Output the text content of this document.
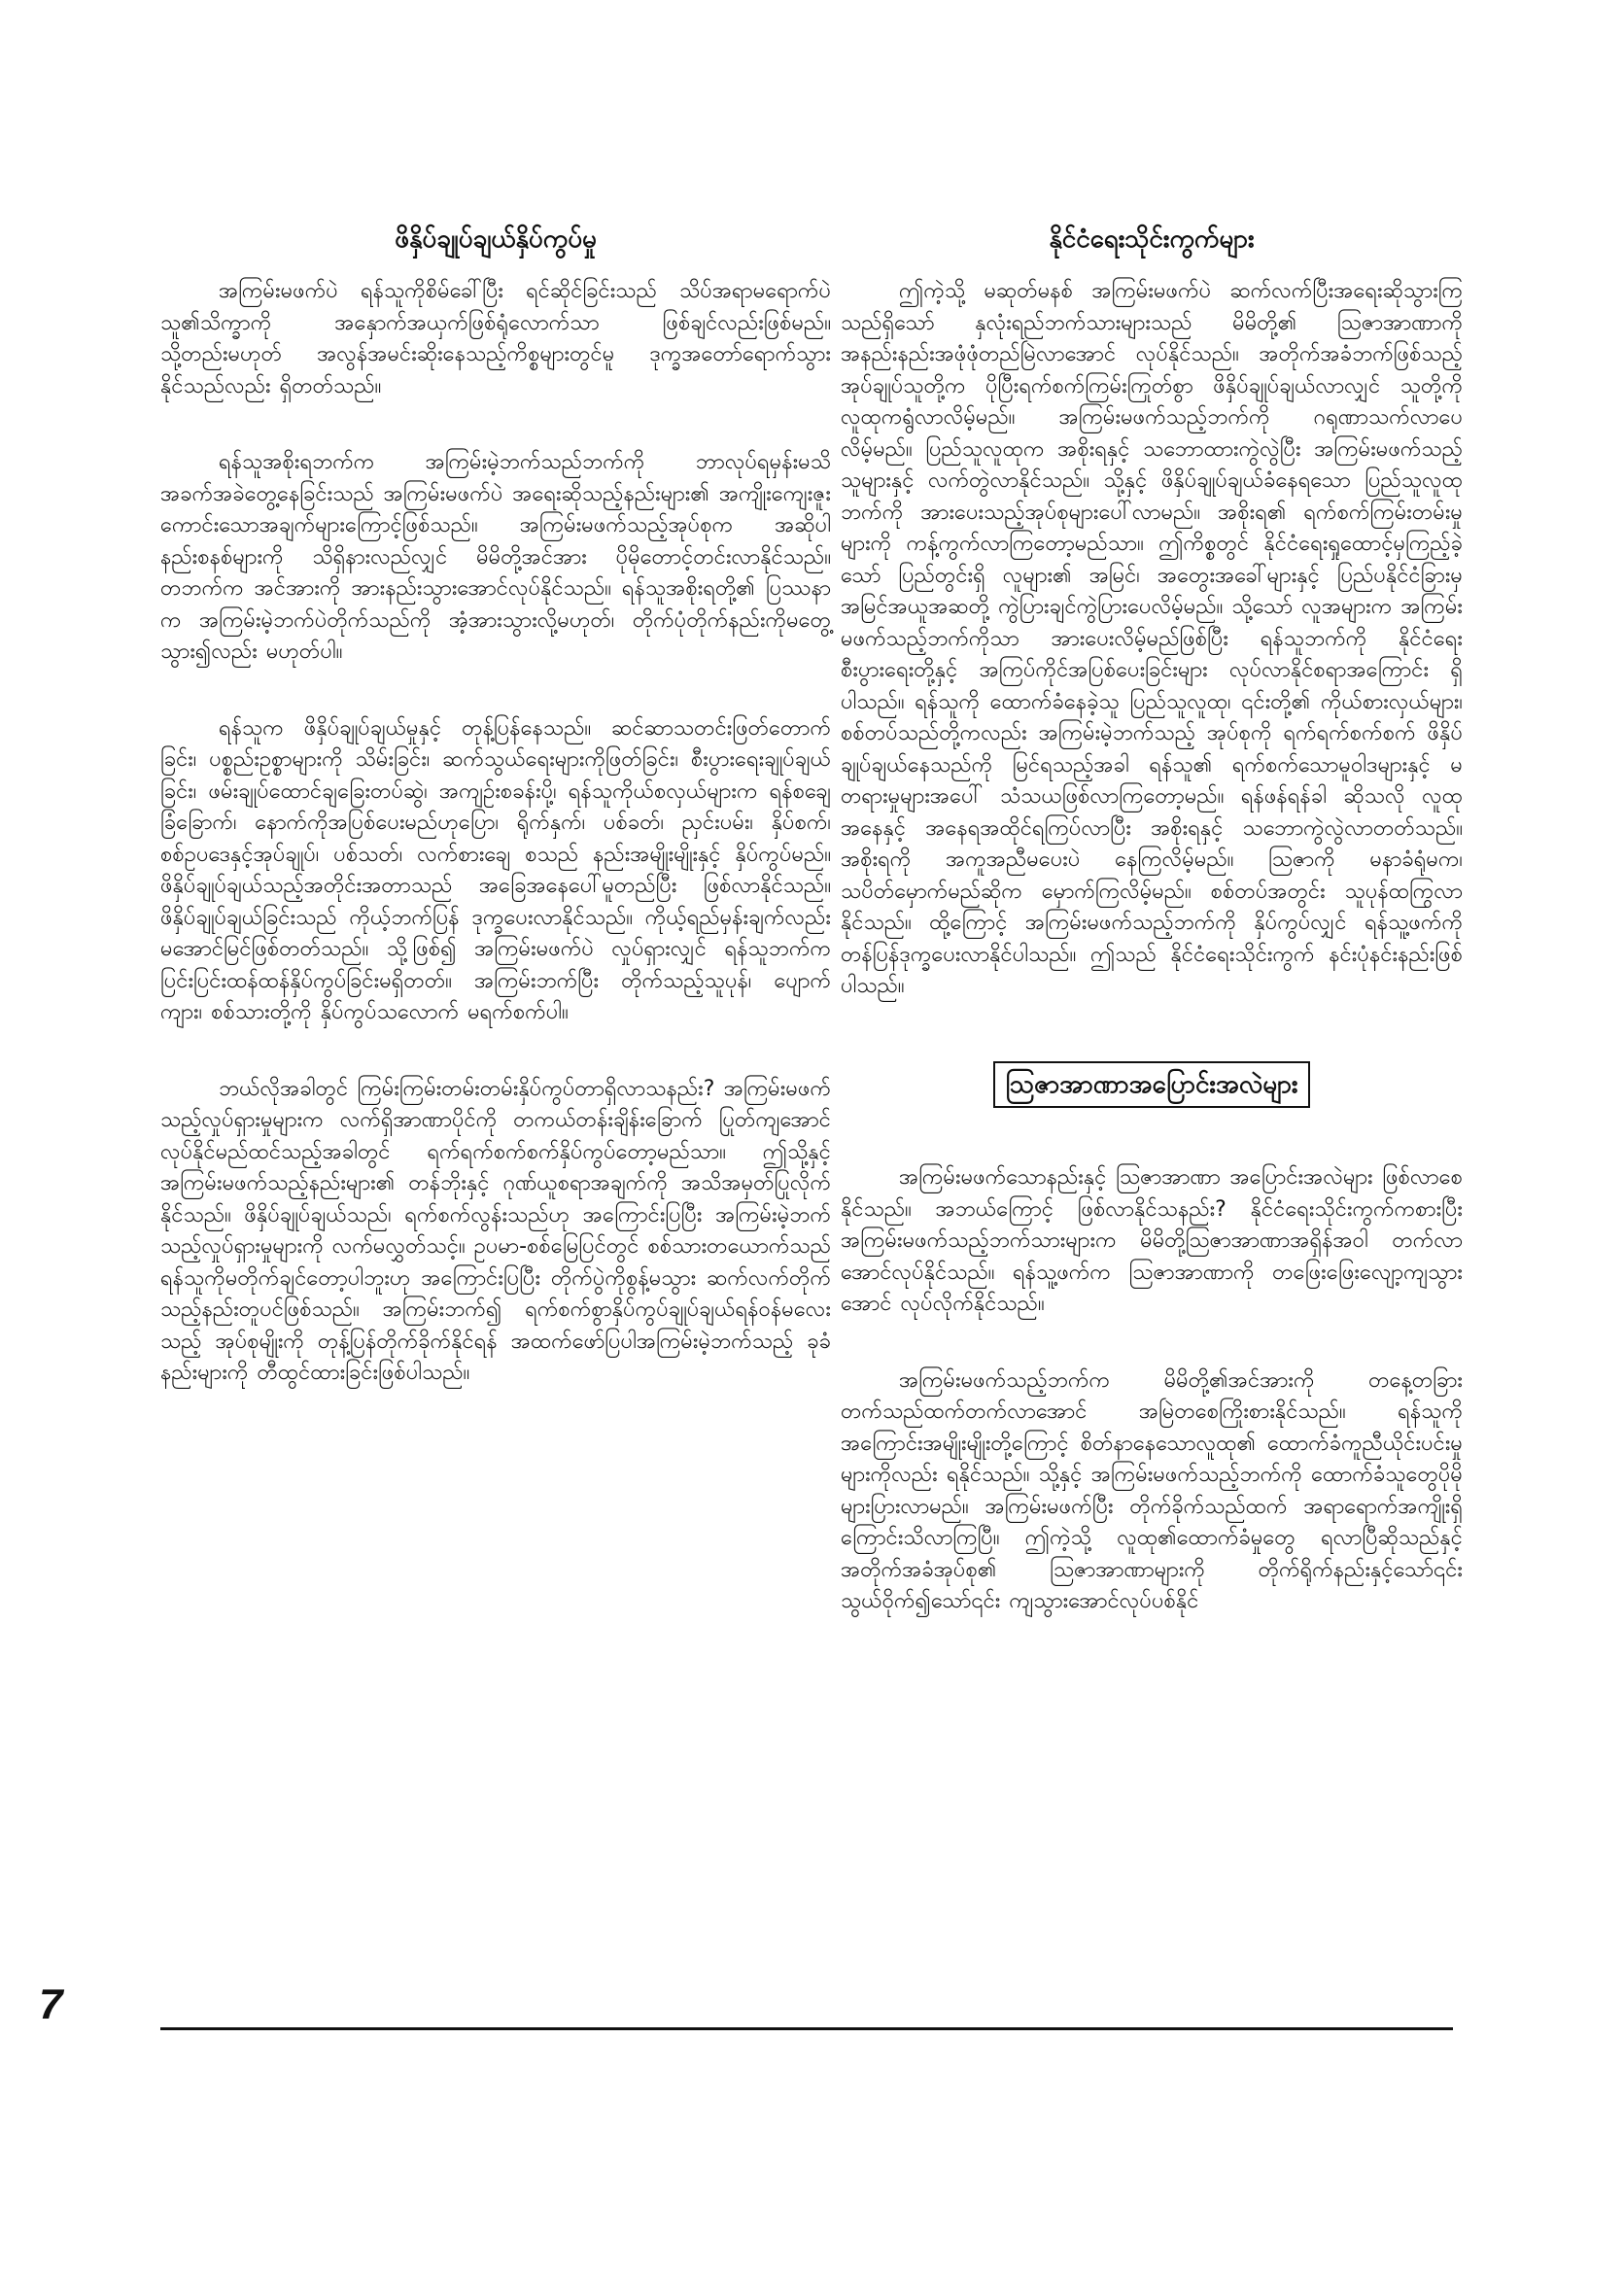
ဖိနှိပ်ချုပ်ချယ်နှိပ်ကွပ်မှု

အကြမ်းမဖက်ပဲ ရန်သူကိုစိမ်ခေါ်ပြီး ရင်ဆိုင်ခြင်းသည် သိပ်အရာမရောက်ပဲ သူ၏သိက္ခာကို အနှောက်အယှက်ဖြစ်ရုံလောက်သာ ဖြစ်ချင်လည်းဖြစ်မည်။ သို့တည်းမဟုတ် အလွန်အမင်းဆိုးနေသည့်ကိစ္စများတွင်မူ ဒုက္ခအတော်ရောက်သွားနိုင်သည်လည်း ရှိတတ်သည်။

ရန်သူအစိုးရဘက်က အကြမ်းမဲ့ဘက်သည်ဘက်ကို ဘာလုပ်ရမှန်းမသိ အခက်အခဲတွေ့နေခြင်းသည် အကြမ်းမဖက်ပဲ အရေးဆိုသည့်နည်းများ၏ အကျိုးကျေးဇူးကောင်းသောအချက်များကြောင့်ဖြစ်သည်။ အကြမ်းမဖက်သည့်အုပ်စုက အဆိုပါနည်းစနစ်များကို သိရှိနားလည်လျှင် မိမိတို့အင်အား ပိုမိုတောင့်တင်းလာနိုင်သည်။ တဘက်က အင်အားကို အားနည်းသွားအောင်လုပ်နိုင်သည်။ ရန်သူအစိုးရတို့၏ ပြဿနာက အကြမ်းမဲ့ဘက်ပဲတိုက်သည်ကို အံ့အားသွားလို့မဟုတ်၊ တိုက်ပုံတိုက်နည်းကိုမတွေ့သွား၍လည်း မဟုတ်ပါ။

ရန်သူက ဖိနှိပ်ချုပ်ချယ်မှုနှင့် တုန့်ပြန်နေသည်။ ဆင်ဆာသတင်းဖြတ်တောက်ခြင်း၊ ပစ္စည်းဥစ္စာများကို သိမ်းခြင်း၊ ဆက်သွယ်ရေးများကိုဖြတ်ခြင်း၊ စီးပွားရေးချုပ်ချယ်ခြင်း၊ ဖမ်းချုပ်ထောင်ချခြေးတပ်ဆွဲ၊ အကျဉ်းစခန်းပို့၊ ရန်သူကိုယ်စလှယ်များက ရန်စချေခြံခြောက်၊ နောက်ကိုအပြစ်ပေးမည်ဟုပြော၊ ရိုက်နှက်၊ ပစ်ခတ်၊ ညှင်းပမ်း၊ နှိပ်စက်၊ စစ်ဥပဒေနှင့်အုပ်ချုပ်၊ ပစ်သတ်၊ လက်စားချေ စသည် နည်းအမျိုးမျိုးနှင့် နှိပ်ကွပ်မည်။ ဖိနှိပ်ချုပ်ချယ်သည့်အတိုင်းအတာသည် အခြေအနေပေါ်မူတည်ပြီး ဖြစ်လာနိုင်သည်။ ဖိနှိပ်ချုပ်ချယ်ခြင်းသည် ကိုယ့်ဘက်ပြန် ဒုက္ခပေးလာနိုင်သည်။ ကိုယ့်ရည်မှန်းချက်လည်း မအောင်မြင်ဖြစ်တတ်သည်။ သို့ဖြစ်၍ အကြမ်းမဖက်ပဲ လှုပ်ရှားလျှင် ရန်သူဘက်က ပြင်းပြင်းထန်ထန်နှိပ်ကွပ်ခြင်းမရှိတတ်။ အကြမ်းဘက်ပြီး တိုက်သည့်သူပုန်၊ ပျောက်ကျား၊ စစ်သားတို့ကို နှိပ်ကွပ်သလောက် မရက်စက်ပါ။

ဘယ်လိုအခါတွင် ကြမ်းကြမ်းတမ်းတမ်းနှိပ်ကွပ်တာရှိလာသနည်း? အကြမ်းမဖက်သည့်လှုပ်ရှားမှုများက လက်ရှိအာဏာပိုင်ကို တကယ်တန်းချိန်းခြောက် ပြုတ်ကျအောင်လုပ်နိုင်မည်ထင်သည့်အခါတွင် ရက်ရက်စက်စက်နှိပ်ကွပ်တော့မည်သာ။ ဤသို့နှင့် အကြမ်းမဖက်သည့်နည်းများ၏ တန်ဘိုးနှင့် ဂုဏ်ယူစရာအချက်ကို အသိအမှတ်ပြုလိုက်နိုင်သည်။ ဖိနှိပ်ချုပ်ချယ်သည်၊ ရက်စက်လွန်းသည်ဟု အကြောင်းပြပြီး အကြမ်းမဲ့ဘက်သည့်လှုပ်ရှားမှုများကို လက်မလွှတ်သင့်။ ဥပမာ-စစ်မြေပြင်တွင် စစ်သားတယောက်သည် ရန်သူကိုမတိုက်ချင်တော့ပါဘူးဟု အကြောင်းပြပြီး တိုက်ပွဲကိုစွန့်မသွား ဆက်လက်တိုက်သည့်နည်းတူပင်ဖြစ်သည်။ အကြမ်းဘက်၍ ရက်စက်စွာနှိပ်ကွပ်ချုပ်ချယ်ရန်ဝန်မလေးသည့် အုပ်စုမျိုးကို တုန့်ပြန်တိုက်ခိုက်နိုင်ရန် အထက်ဖော်ပြပါအကြမ်းမဲ့ဘက်သည့် ခုခံနည်းများကို တီထွင်ထားခြင်းဖြစ်ပါသည်။

နိုင်ငံရေးသိုင်းကွက်များ

ဤကဲ့သို့ မဆုတ်မနစ် အကြမ်းမဖက်ပဲ ဆက်လက်ပြီးအရေးဆိုသွားကြသည်ရှိသော် နှလုံးရည်ဘက်သားများသည် မိမိတို့၏ ဩဇာအာဏာကို အနည်းနည်းအဖုံဖုံတည်မြဲလာအောင် လုပ်နိုင်သည်။ အတိုက်အခံဘက်ဖြစ်သည့် အုပ်ချုပ်သူတို့က ပိုပြီးရက်စက်ကြမ်းကြုတ်စွာ ဖိနှိပ်ချုပ်ချယ်လာလျှင် သူတို့ကို လူထုကရွံလာလိမ့်မည်။ အကြမ်းမဖက်သည့်ဘက်ကို ဂရုဏာသက်လာပေလိမ့်မည်။ ပြည်သူလူထုက အစိုးရနှင့် သဘောထားကွဲလွဲပြီး အကြမ်းမဖက်သည့်သူများနှင့် လက်တွဲလာနိုင်သည်။ သို့နှင့် ဖိနှိပ်ချုပ်ချယ်ခံနေရသော ပြည်သူလူထုဘက်ကို အားပေးသည့်အုပ်စုများပေါ်လာမည်။ အစိုးရ၏ ရက်စက်ကြမ်းတမ်းမှုများကို ကန့်ကွက်လာကြတော့မည်သာ။ ဤကိစ္စတွင် နိုင်ငံရေးရှုထောင့်မှကြည့်ခဲ့သော် ပြည်တွင်းရှိ လူများ၏ အမြင်၊ အတွေးအခေါ်များနှင့် ပြည်ပနိုင်ငံခြားမှ အမြင်အယူအဆတို့ ကွဲပြားချင်ကွဲပြားပေလိမ့်မည်။ သို့သော် လူအများက အကြမ်းမဖက်သည့်ဘက်ကိုသာ အားပေးလိမ့်မည်ဖြစ်ပြီး ရန်သူဘက်ကို နိုင်ငံရေးစီးပွားရေးတို့နှင့် အကြပ်ကိုင်အပြစ်ပေးခြင်းများ လုပ်လာနိုင်စရာအကြောင်း ရှိပါသည်။ ရန်သူကို ထောက်ခံနေခဲ့သူ ပြည်သူလူထု၊ ၎င်းတို့၏ ကိုယ်စားလှယ်များ၊ စစ်တပ်သည်တို့ကလည်း အကြမ်းမဲ့ဘက်သည့် အုပ်စုကို ရက်ရက်စက်စက် ဖိနှိပ်ချုပ်ချယ်နေသည်ကို မြင်ရသည့်အခါ ရန်သူ၏ ရက်စက်သောမူဝါဒများနှင့် မတရားမှုများအပေါ် သံသယဖြစ်လာကြတော့မည်။ ရန်ဖန်ရန်ခါ ဆိုသလို လူထုအနေနှင့် အနေရအထိုင်ရကြပ်လာပြီး အစိုးရနှင့် သဘောကွဲလွဲလာတတ်သည်။ အစိုးရကို အကူအညီမပေးပဲ နေကြလိမ့်မည်။ ဩဇာကို မနာခံရုံမက၊ သပိတ်မှောက်မည်ဆိုက မှောက်ကြလိမ့်မည်။ စစ်တပ်အတွင်း သူပုန်ထကြွလာနိုင်သည်။ ထို့ကြောင့် အကြမ်းမဖက်သည့်ဘက်ကို နှိပ်ကွပ်လျှင် ရန်သူ့ဖက်ကို တန်ပြန်ဒုက္ခပေးလာနိုင်ပါသည်။ ဤသည် နိုင်ငံရေးသိုင်းကွက် နင်းပုံနင်းနည်းဖြစ်ပါသည်။

ဩဇာအာဏာအပြောင်းအလဲများ

အကြမ်းမဖက်သောနည်းနှင့် ဩဇာအာဏာ အပြောင်းအလဲများ ဖြစ်လာစေနိုင်သည်။ အဘယ်ကြောင့် ဖြစ်လာနိုင်သနည်း? နိုင်ငံရေးသိုင်းကွက်ကစားပြီး အကြမ်းမဖက်သည့်ဘက်သားများက မိမိတို့ဩဇာအာဏာအရှိန်အဝါ တက်လာအောင်လုပ်နိုင်သည်။ ရန်သူ့ဖက်က ဩဇာအာဏာကို တဖြေးဖြေးလျော့ကျသွားအောင် လုပ်လိုက်နိုင်သည်။

အကြမ်းမဖက်သည့်ဘက်က မိမိတို့၏အင်အားကို တနေ့တခြား တက်သည်ထက်တက်လာအောင် အမြဲတစေကြိုးစားနိုင်သည်။ ရန်သူကို အကြောင်းအမျိုးမျိုးတို့ကြောင့် စိတ်နာနေသောလူထု၏ ထောက်ခံကူညီယိုင်းပင်းမှုများကိုလည်း ရနိုင်သည်။ သို့နှင့် အကြမ်းမဖက်သည့်ဘက်ကို ထောက်ခံသူတွေပိုမိုများပြားလာမည်။ အကြမ်းမဖက်ပြီး တိုက်ခိုက်သည်ထက် အရာရောက်အကျိုးရှိကြောင်းသိလာကြပြီ။ ဤကဲ့သို့ လူထု၏ထောက်ခံမှုတွေ ရလာပြီဆိုသည်နှင့် အတိုက်အခံအုပ်စု၏ ဩဇာအာဏာများကို တိုက်ရိုက်နည်းနှင့်သော်၎င်း သွယ်ဝိုက်၍သော်၎င်း ကျသွားအောင်လုပ်ပစ်နိုင်

7
